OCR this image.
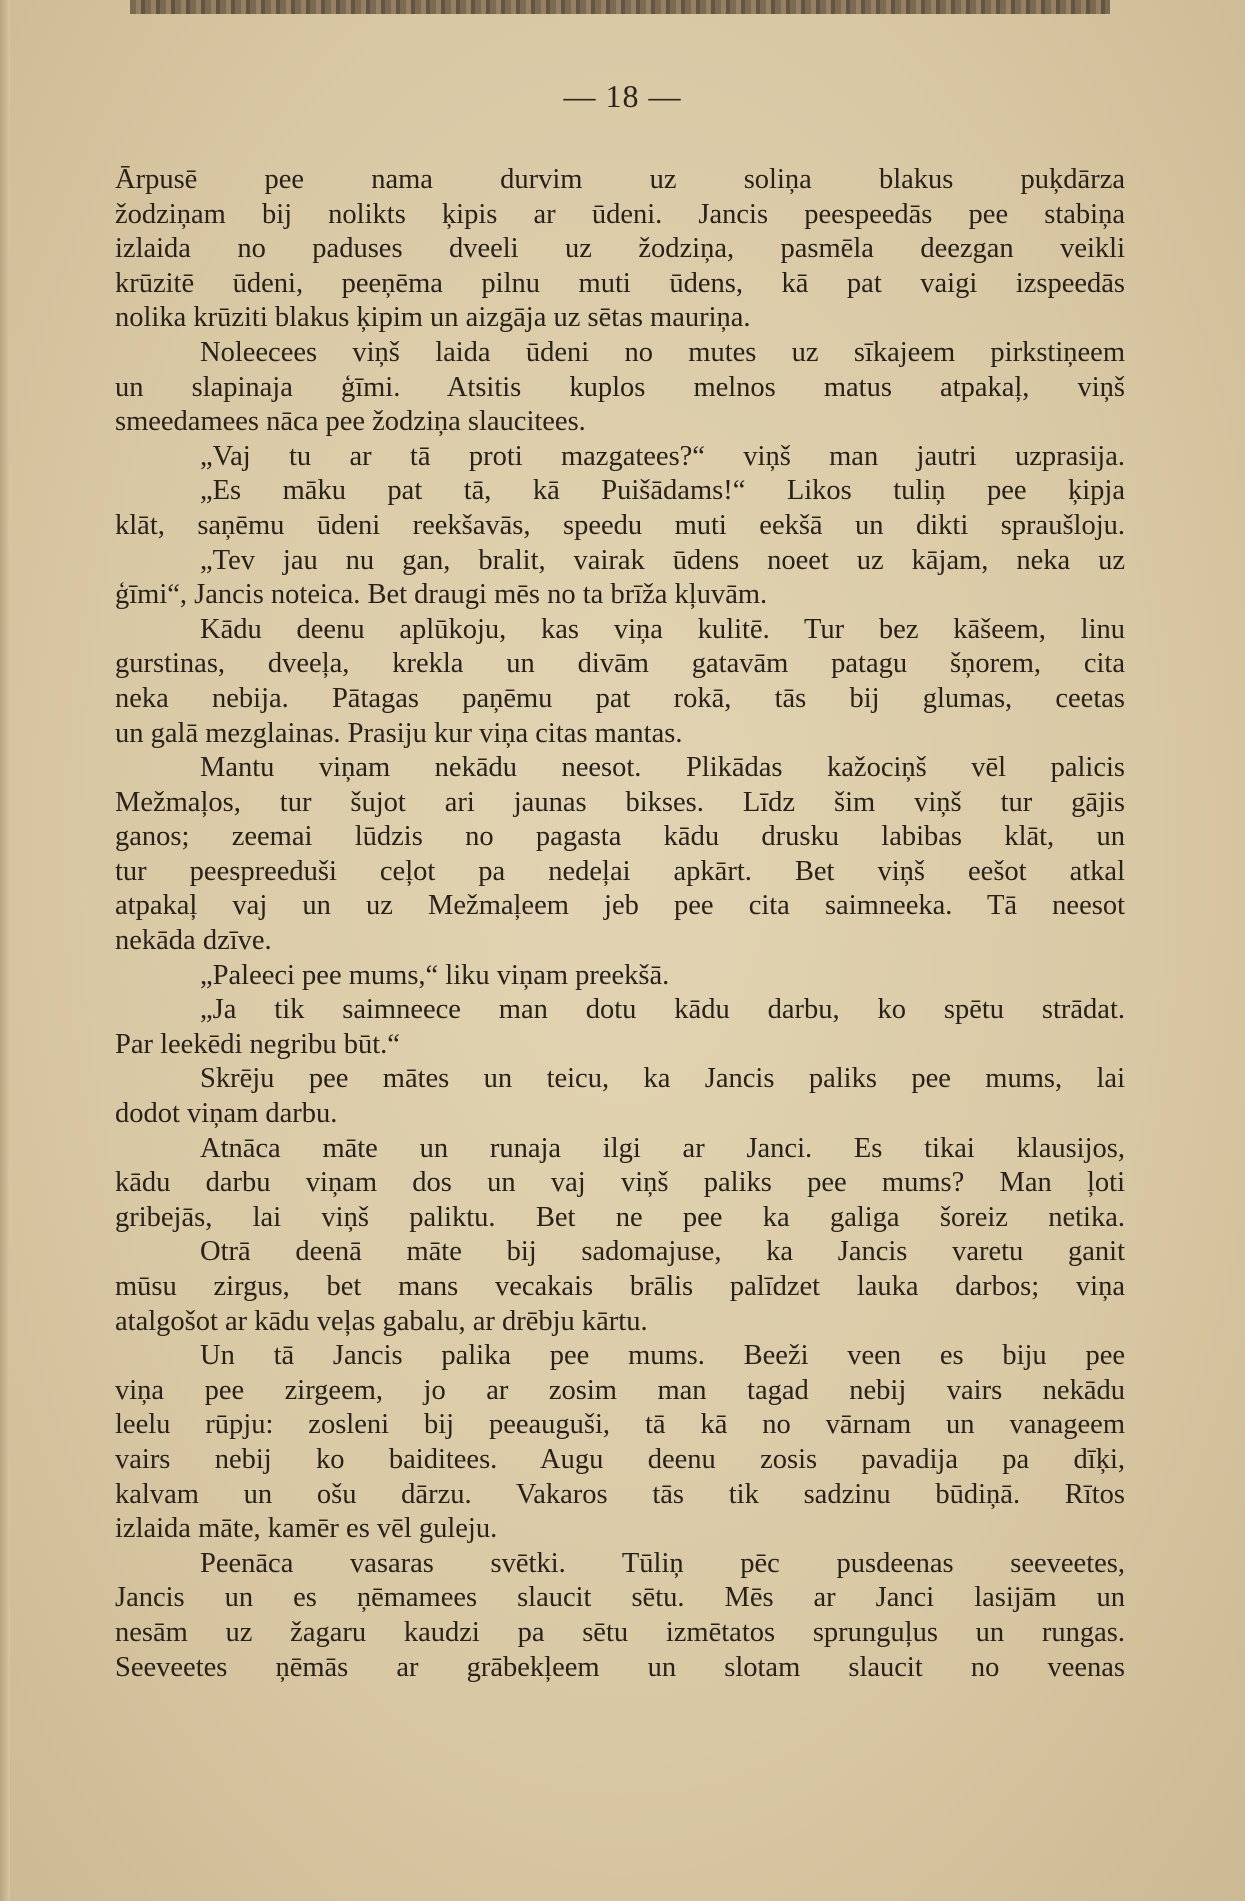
— 18 —
Ārpusē pee nama durvim uz soliņa blakus puķdārza
žodziņam bij nolikts ķipis ar ūdeni. Jancis peespeedās pee stabiņa
izlaida no paduses dveeli uz žodziņa, pasmēla deezgan veikli
krūzitē ūdeni, peeņēma pilnu muti ūdens, kā pat vaigi izspeedās
nolika krūziti blakus ķipim un aizgāja uz sētas mauriņa.
Noleecees viņš laida ūdeni no mutes uz sīkajeem pirkstiņeem
un slapinaja ģīmi. Atsitis kuplos melnos matus atpakaļ, viņš
smeedamees nāca pee žodziņa slaucitees.
„Vaj tu ar tā proti mazgatees?“ viņš man jautri uzprasija.
„Es māku pat tā, kā Puišādams!“ Likos tuliņ pee ķipja
klāt, saņēmu ūdeni reekšavās, speedu muti eekšā un dikti spraušloju.
„Tev jau nu gan, bralit, vairak ūdens noeet uz kājam, neka uz
ģīmi“, Jancis noteica. Bet draugi mēs no ta brīža kļuvām.
Kādu deenu aplūkoju, kas viņa kulitē. Tur bez kāšeem, linu
gurstinas, dveeļa, krekla un divām gatavām patagu šņorem, cita
neka nebija. Pātagas paņēmu pat rokā, tās bij glumas, ceetas
un galā mezglainas. Prasiju kur viņa citas mantas.
Mantu viņam nekādu neesot. Plikādas kažociņš vēl palicis
Mežmaļos, tur šujot ari jaunas bikses. Līdz šim viņš tur gājis
ganos; zeemai lūdzis no pagasta kādu drusku labibas klāt, un
tur peespreeduši ceļot pa nedeļai apkārt. Bet viņš eešot atkal
atpakaļ vaj un uz Mežmaļeem jeb pee cita saimneeka. Tā neesot
nekāda dzīve.
„Paleeci pee mums,“ liku viņam preekšā.
„Ja tik saimneece man dotu kādu darbu, ko spētu strādat.
Par leekēdi negribu būt.“
Skrēju pee mātes un teicu, ka Jancis paliks pee mums, lai
dodot viņam darbu.
Atnāca māte un runaja ilgi ar Janci. Es tikai klausijos,
kādu darbu viņam dos un vaj viņš paliks pee mums? Man ļoti
gribejās, lai viņš paliktu. Bet ne pee ka galiga šoreiz netika.
Otrā deenā māte bij sadomajuse, ka Jancis varetu ganit
mūsu zirgus, bet mans vecakais brālis palīdzet lauka darbos; viņa
atalgošot ar kādu veļas gabalu, ar drēbju kārtu.
Un tā Jancis palika pee mums. Beeži veen es biju pee
viņa pee zirgeem, jo ar zosim man tagad nebij vairs nekādu
leelu rūpju: zosleni bij peeauguši, tā kā no vārnam un vanageem
vairs nebij ko baiditees. Augu deenu zosis pavadija pa dīķi,
kalvam un ošu dārzu. Vakaros tās tik sadzinu būdiņā. Rītos
izlaida māte, kamēr es vēl guleju.
Peenāca vasaras svētki. Tūliņ pēc pusdeenas seeveetes,
Jancis un es ņēmamees slaucit sētu. Mēs ar Janci lasijām un
nesām uz žagaru kaudzi pa sētu izmētatos sprunguļus un rungas.
Seeveetes ņēmās ar grābekļeem un slotam slaucit no veenas
